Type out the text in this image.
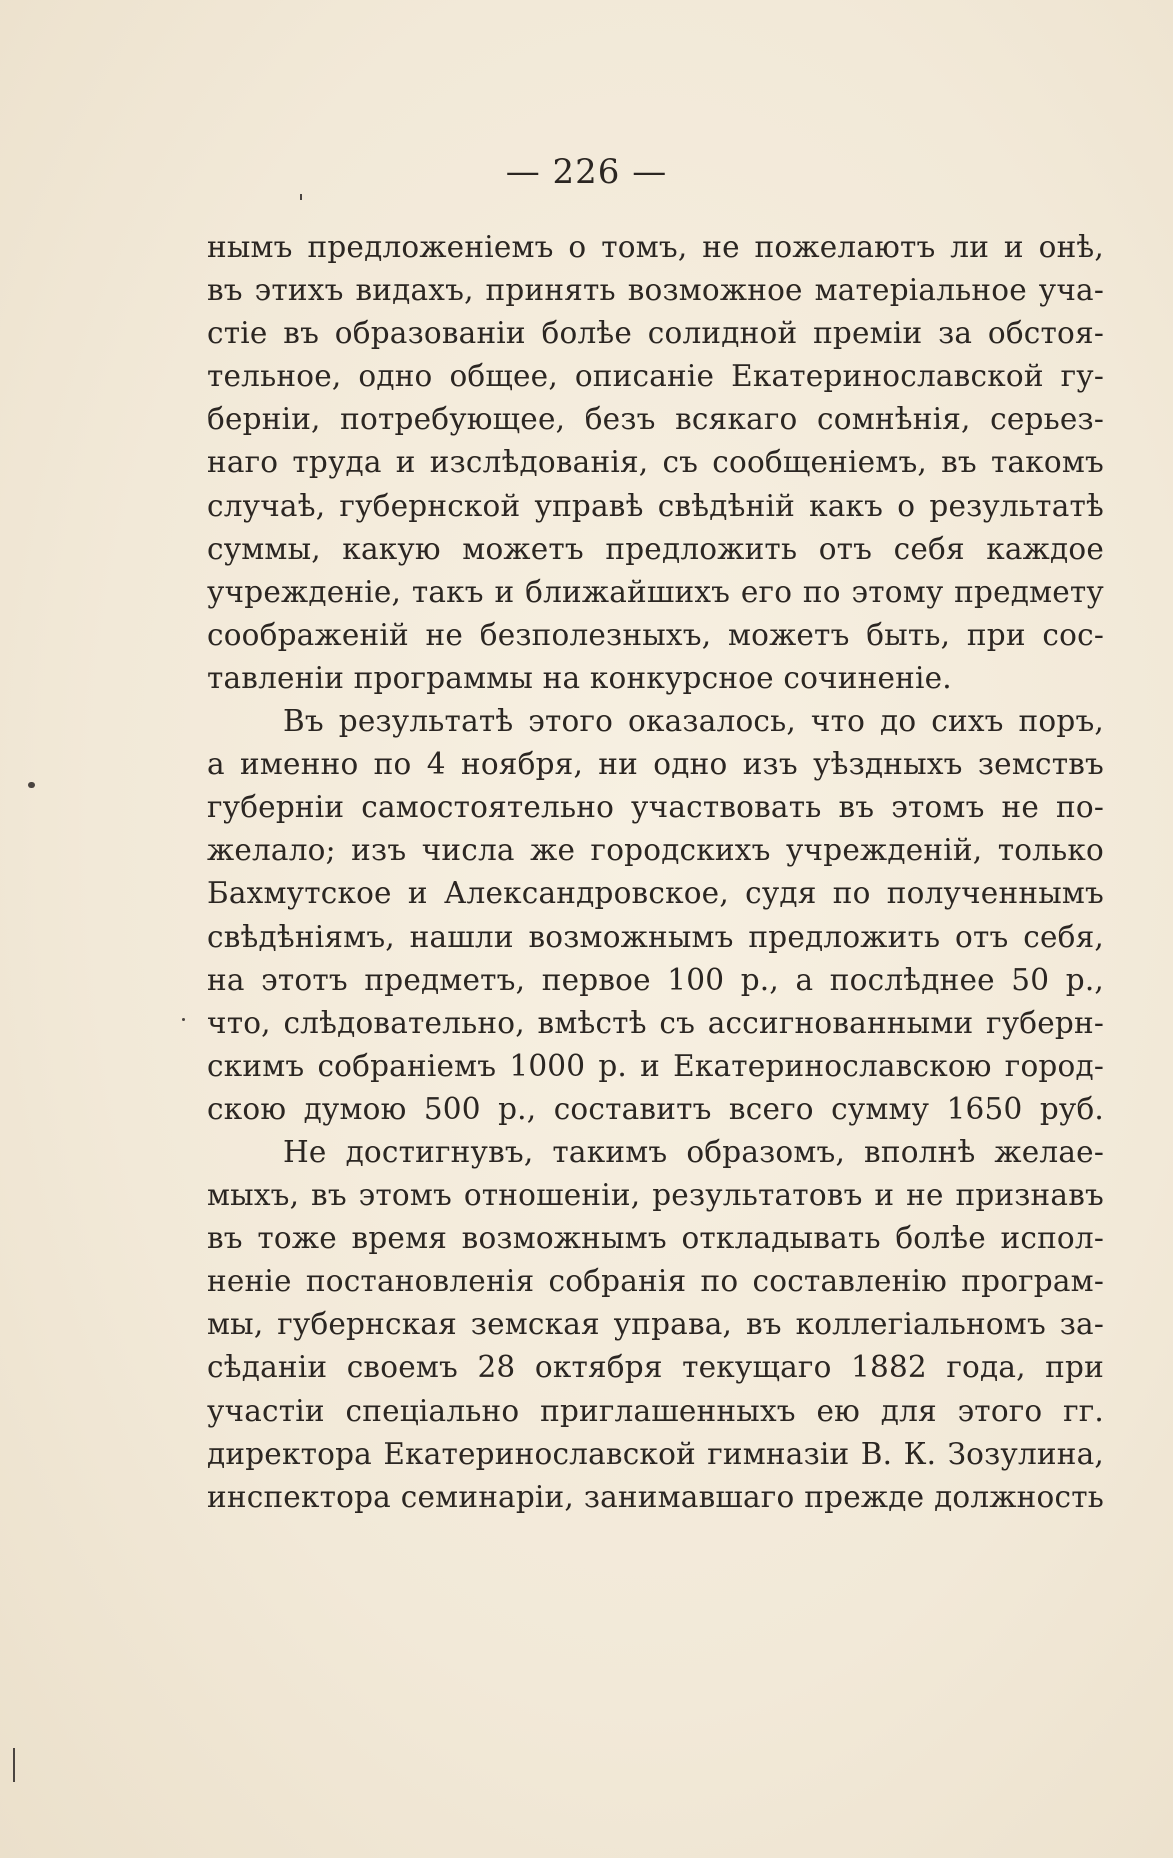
— 226 —
нымъ предложеніемъ о томъ, не пожелаютъ ли и онѣ,
въ этихъ видахъ, принять возможное матеріальное уча-
стіе въ образованіи болѣе солидной преміи за обстоя-
тельное, одно общее, описаніе Екатеринославской гу-
берніи, потребующее, безъ всякаго сомнѣнія, серьез-
наго труда и изслѣдованія, съ сообщеніемъ, въ такомъ
случаѣ, губернской управѣ свѣдѣній какъ о результатѣ
суммы, какую можетъ предложить отъ себя каждое
учрежденіе, такъ и ближайшихъ его по этому предмету
соображеній не безполезныхъ, можетъ быть, при сос-
тавленіи программы на конкурсное сочиненіе.
Въ результатѣ этого оказалось, что до сихъ поръ,
а именно по 4 ноября, ни одно изъ уѣздныхъ земствъ
губерніи самостоятельно участвовать въ этомъ не по-
желало; изъ числа же городскихъ учрежденій, только
Бахмутское и Александровское, судя по полученнымъ
свѣдѣніямъ, нашли возможнымъ предложить отъ себя,
на этотъ предметъ, первое 100 р., а послѣднее 50 р.,
что, слѣдовательно, вмѣстѣ съ ассигнованными губерн-
скимъ собраніемъ 1000 р. и Екатеринославскою город-
скою думою 500 р., составитъ всего сумму 1650 руб.
Не достигнувъ, такимъ образомъ, вполнѣ желае-
мыхъ, въ этомъ отношеніи, результатовъ и не признавъ
въ тоже время возможнымъ откладывать болѣе испол-
неніе постановленія собранія по составленію програм-
мы, губернская земская управа, въ коллегіальномъ за-
сѣданіи своемъ 28 октября текущаго 1882 года, при
участіи спеціально приглашенныхъ ею для этого гг.
директора Екатеринославской гимназіи В. К. Зозулина,
инспектора семинаріи, занимавшаго прежде должность
